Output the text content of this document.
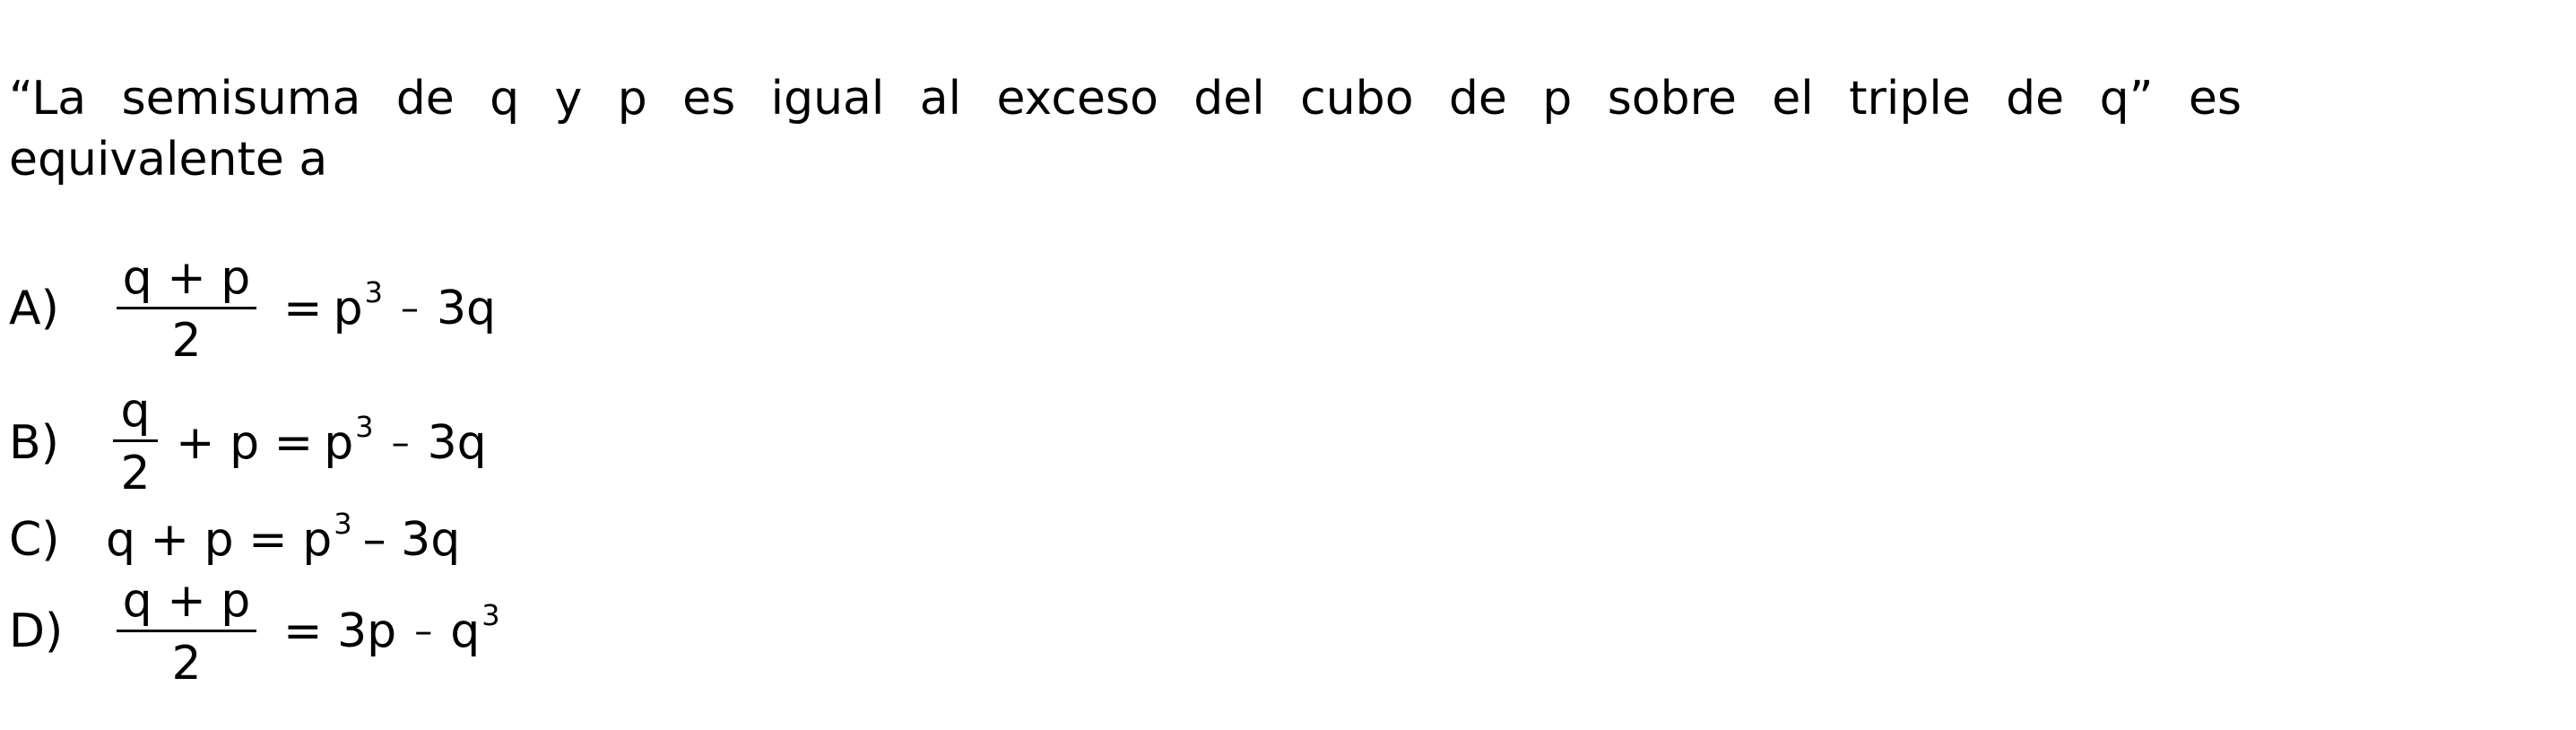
“La semisuma de q y p es igual al exceso del cubo de p sobre el triple de q” es
equivalente a

A)
q + p
2
= $p^3 - 3q$
B)
q
2
+ $p = p^3 - 3q$
C) $q + p = p^3 - 3q$
D)
q + p
2
= $3p - q^3$
